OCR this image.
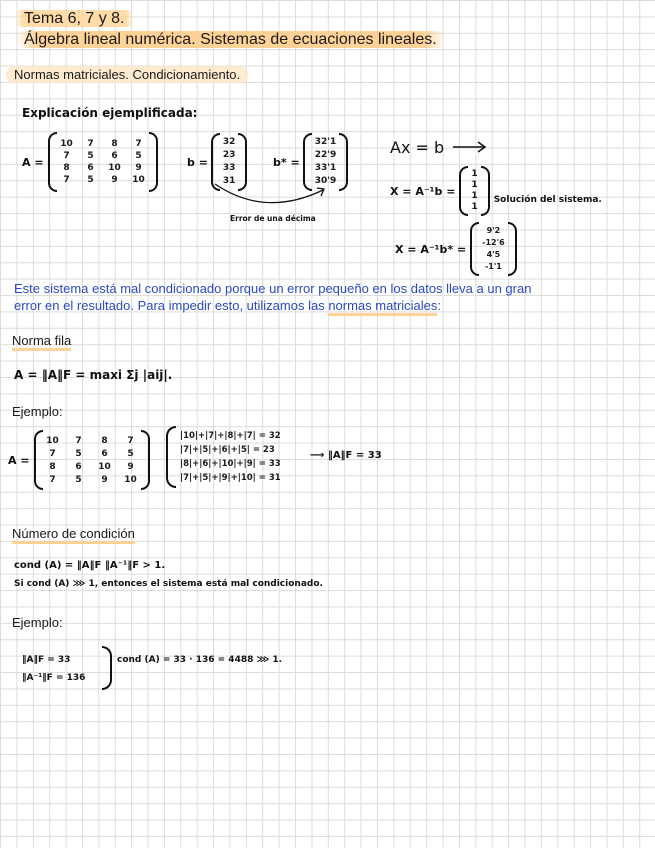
Tema 6, 7 y 8.
Álgebra lineal numérica. Sistemas de ecuaciones lineales.
Normas matriciales. Condicionamiento.
Explicación ejemplificada:
A =
10	7	8	7
7	5	6	5
8	6	10	9
7	5	9	10
b =
32
23
33
31
b* =
32'1
22'9
33'1
30'9
Error de una décima
Ax = b
X = A⁻¹b =
1
1
1
1
Solución del sistema.
X = A⁻¹b* =
9'2
-12'6
4'5
-1'1
Este sistema está mal condicionado porque un error pequeño en los datos lleva a un gran
error en el resultado. Para impedir esto, utilizamos las normas matriciales:
Norma fila
A = ‖A‖F = maxi Σj |aij|.
Ejemplo:
A =
10	7	8	7
7	5	6	5
8	6	10	9
7	5	9	10
|10|+|7|+|8|+|7| = 32
|7|+|5|+|6|+|5| = 23
|8|+|6|+|10|+|9| = 33
|7|+|5|+|9|+|10| = 31
⟶ ‖A‖F = 33
Número de condición
cond (A) = ‖A‖F ‖A⁻¹‖F > 1.
Si cond (A) ⋙ 1, entonces el sistema está mal condicionado.
Ejemplo:
‖A‖F = 33
‖A⁻¹‖F = 136
cond (A) = 33 · 136 = 4488 ⋙ 1.
